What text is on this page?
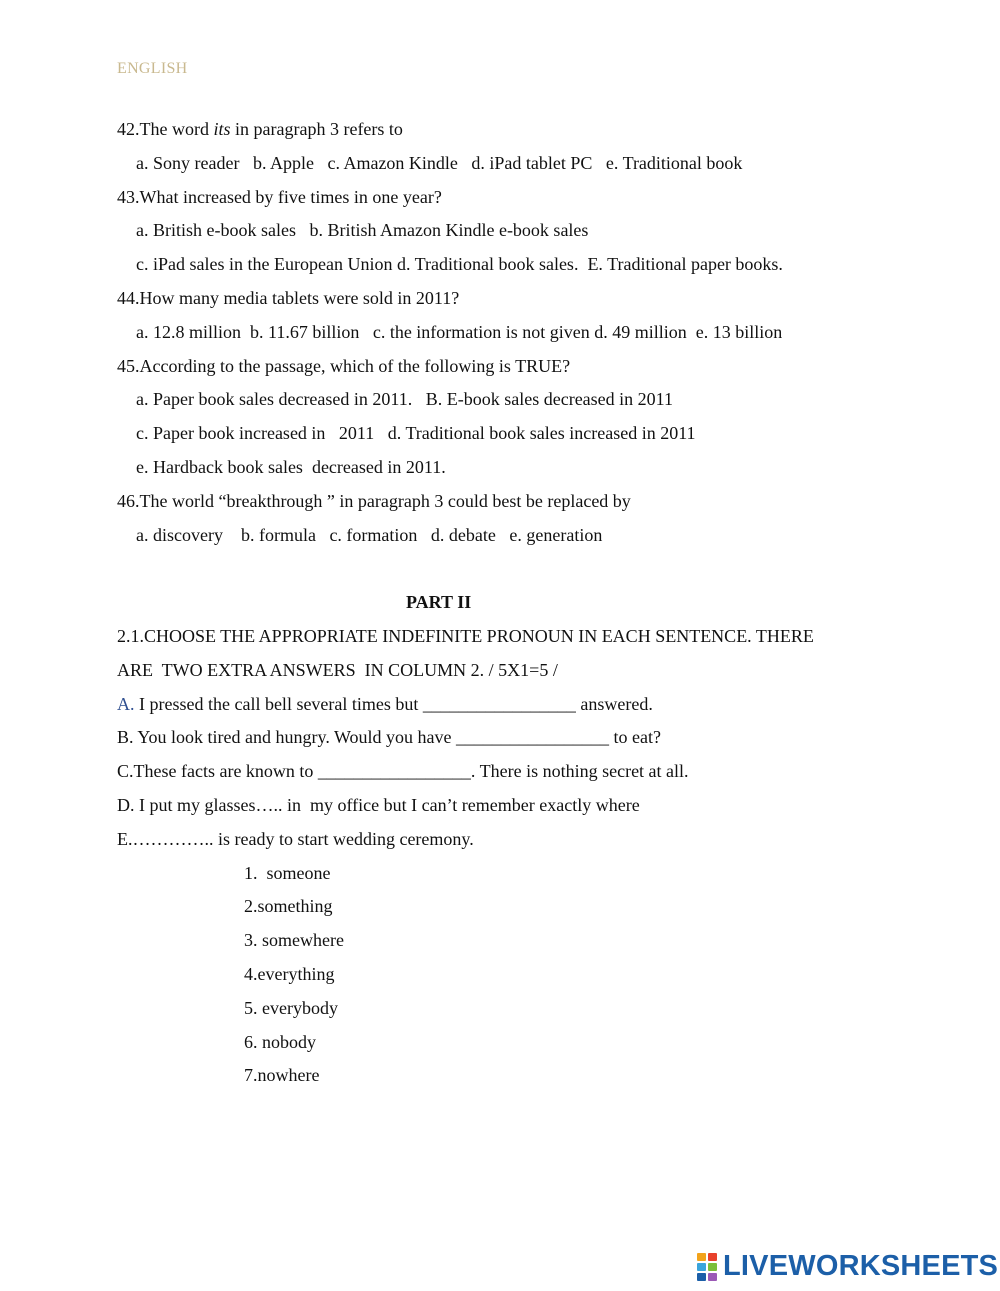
ENGLISH
42.The word its in paragraph 3 refers to
a. Sony reader   b. Apple   c. Amazon Kindle   d. iPad tablet PC   e. Traditional book
43.What increased by five times in one year?
a. British e-book sales   b. British Amazon Kindle e-book sales
c. iPad sales in the European Union d. Traditional book sales.  E. Traditional paper books.
44.How many media tablets were sold in 2011?
a. 12.8 million  b. 11.67 billion   c. the information is not given d. 49 million  e. 13 billion
45.According to the passage, which of the following is TRUE?
a. Paper book sales decreased in 2011.   B. E-book sales decreased in 2011
c. Paper book increased in   2011   d. Traditional book sales increased in 2011
e. Hardback book sales  decreased in 2011.
46.The world “breakthrough ” in paragraph 3 could best be replaced by
a. discovery    b. formula   c. formation   d. debate   e. generation
PART II
2.1.CHOOSE THE APPROPRIATE INDEFINITE PRONOUN IN EACH SENTENCE. THERE
ARE  TWO EXTRA ANSWERS  IN COLUMN 2. / 5X1=5 /
A. I pressed the call bell several times but _________________ answered.
B. You look tired and hungry. Would you have _________________ to eat?
C.These facts are known to _________________. There is nothing secret at all.
D. I put my glasses….. in  my office but I can’t remember exactly where
E.………….. is ready to start wedding ceremony.
1.  someone
2.something
3. somewhere
4.everything
5. everybody
6. nobody
7.nowhere
LIVEWORKSHEETS
